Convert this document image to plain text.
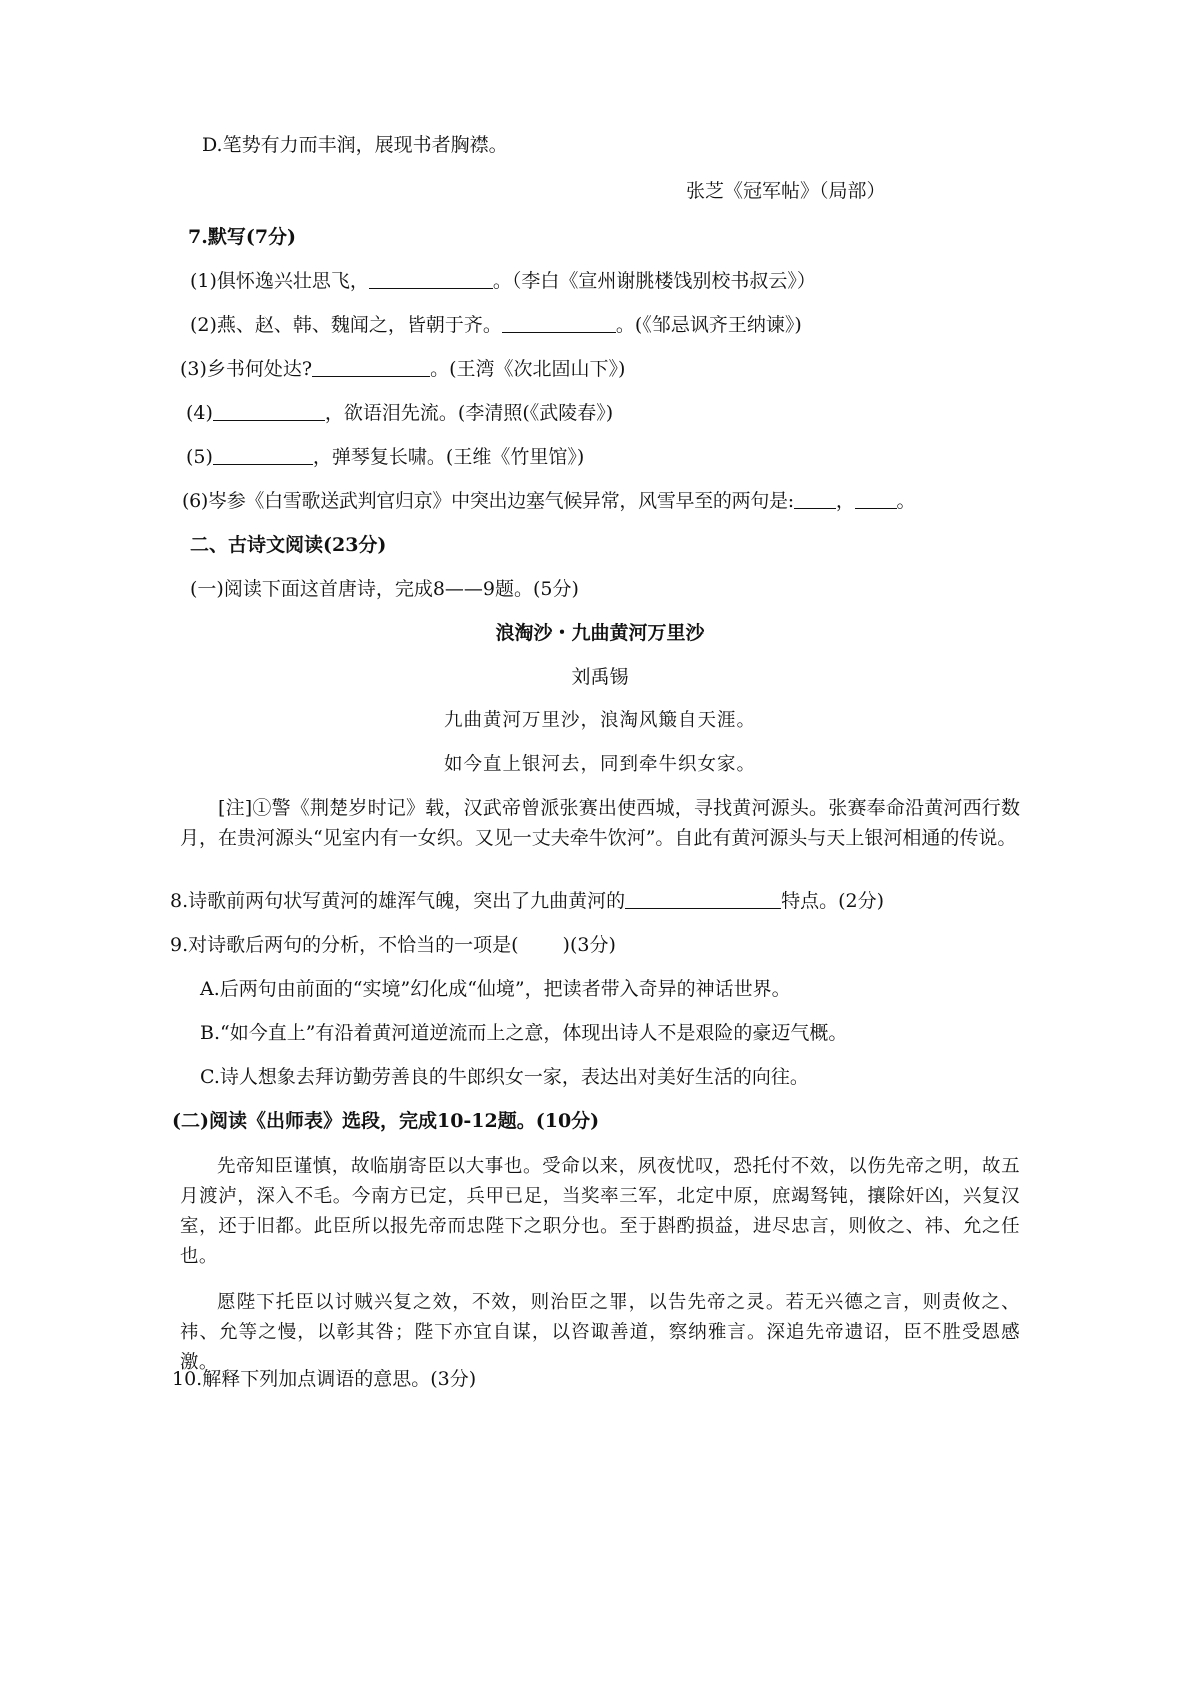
D.笔势有力而丰润，展现书者胸襟。
张芝《冠军帖》（局部）
7.默写(7分)
(1)俱怀逸兴壮思飞，	。（李白《宣州谢朓楼饯别校书叔云》）
(2)燕、赵、韩、魏闻之，皆朝于齐。	。(《邹忌讽齐王纳谏》)
(3)乡书何处达?	。(王湾《次北固山下》)
(4)	，欲语泪先流。(李清照(《武陵春》)
(5)	，弹琴复长啸。(王维《竹里馆》)
(6)岑参《白雪歌送武判官归京》中突出边塞气候异常，风雪早至的两句是: ， 。
二、古诗文阅读(23分)
(一)阅读下面这首唐诗，完成8——9题。(5分)
浪淘沙・九曲黄河万里沙
刘禹锡
九曲黄河万里沙，浪淘风簸自天涯。
如今直上银河去，同到牵牛织女家。
[注]①警《荆楚岁时记》载，汉武帝曾派张赛出使西城，寻找黄河源头。张赛奉命沿黄河西行数月，在贵河源头“见室内有一女织。又见一丈夫牵牛饮河”。自此有黄河源头与天上银河相通的传说。
8.诗歌前两句状写黄河的雄浑气魄，突出了九曲黄河的	特点。(2分)
9.对诗歌后两句的分析，不恰当的一项是( )(3分)
A.后两句由前面的“实境”幻化成“仙境”，把读者带入奇异的神话世界。
B.“如今直上”有沿着黄河道逆流而上之意，体现出诗人不是艰险的豪迈气概。
C.诗人想象去拜访勤劳善良的牛郎织女一家，表达出对美好生活的向往。
(二)阅读《出师表》选段，完成10-12题。(10分)
先帝知臣谨慎，故临崩寄臣以大事也。受命以来，夙夜忧叹，恐托付不效，以伤先帝之明，故五月渡泸，深入不毛。今南方已定，兵甲已足，当奖率三军，北定中原，庶竭驽钝，攘除奸凶，兴复汉室，还于旧都。此臣所以报先帝而忠陛下之职分也。至于斟酌损益，进尽忠言，则攸之、祎、允之任也。
愿陛下托臣以讨贼兴复之效，不效，则治臣之罪，以告先帝之灵。若无兴德之言，则责攸之、祎、允等之慢，以彰其咎；陛下亦宜自谋，以咨诹善道，察纳雅言。深追先帝遗诏，臣不胜受恩感激。
10.解释下列加点调语的意思。(3分)
